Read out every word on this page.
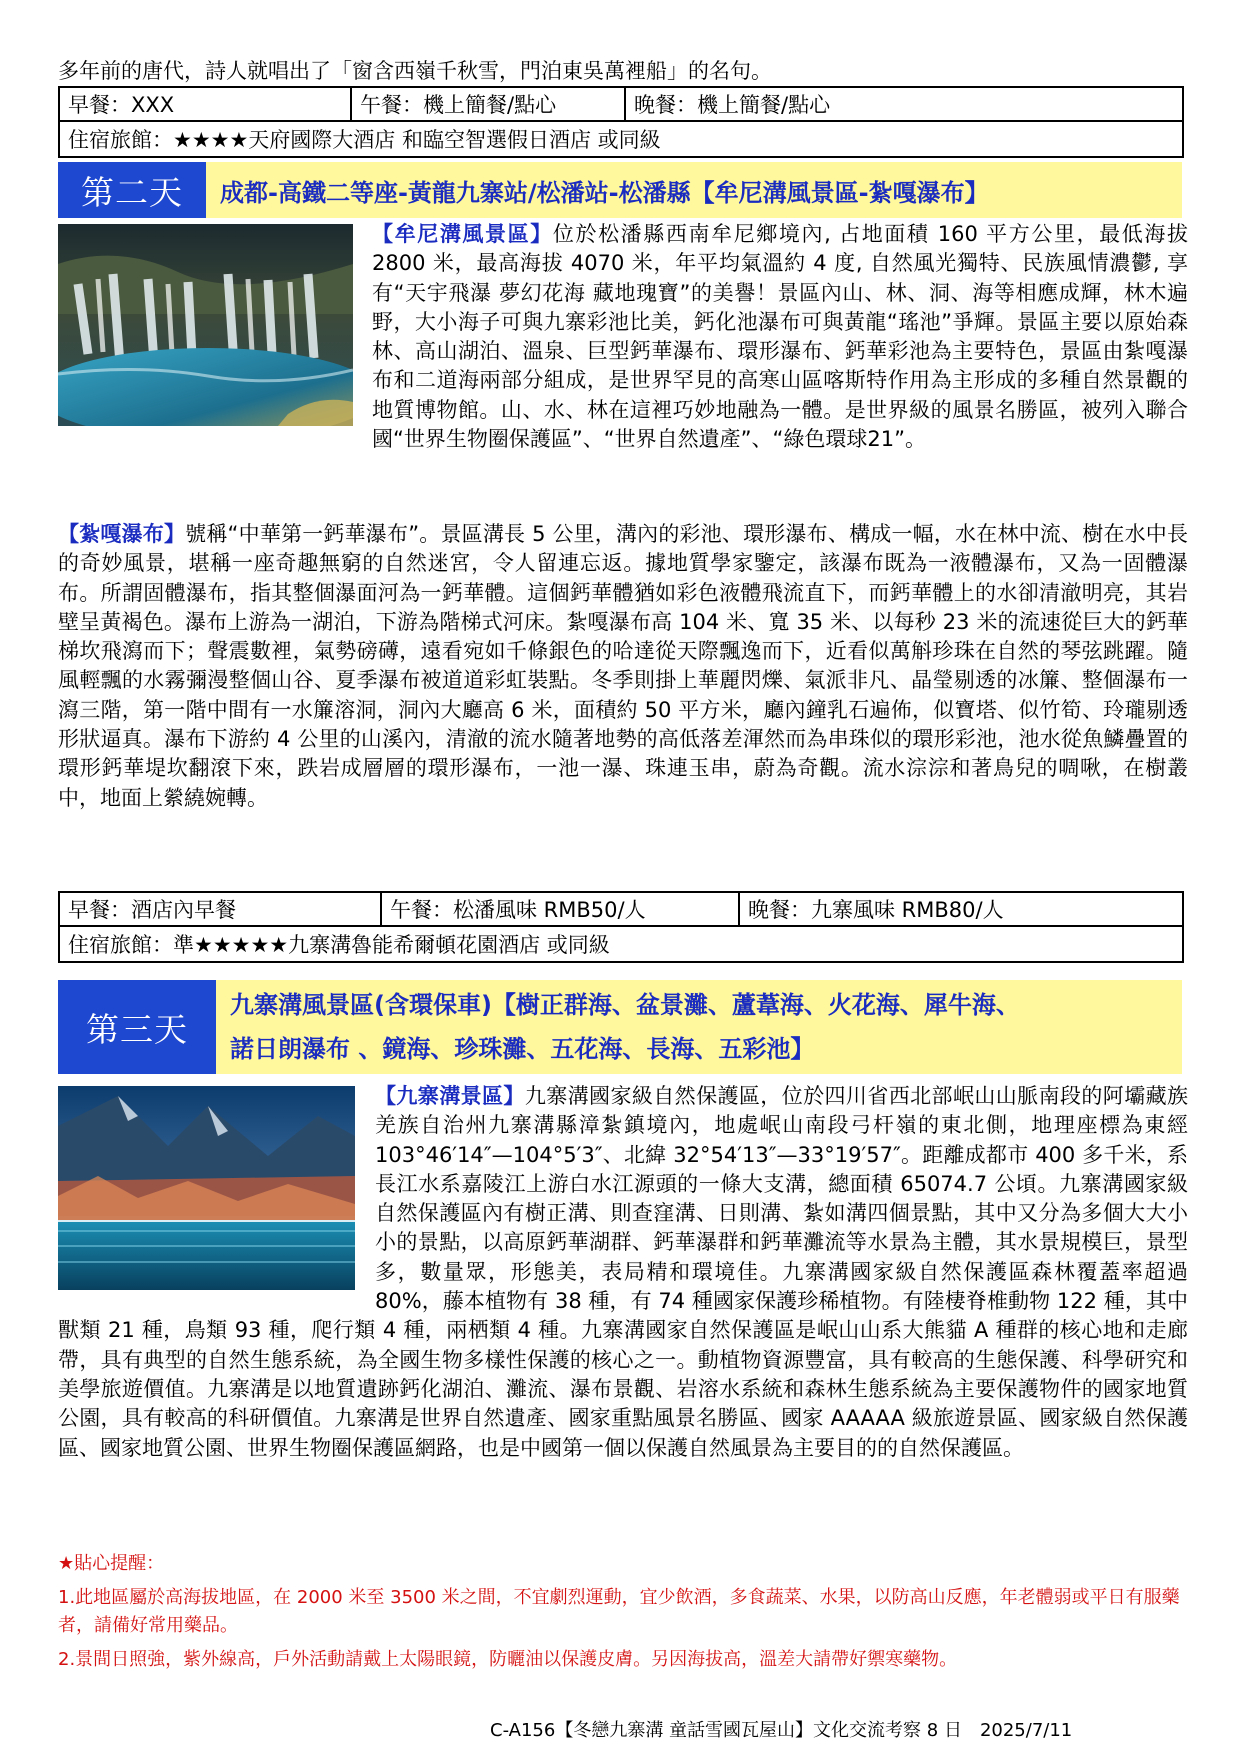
多年前的唐代，詩人就唱出了「窗含西嶺千秋雪，門泊東吳萬裡船」的名句。
早餐：XXX	午餐：機上簡餐/點心	晚餐：機上簡餐/點心
住宿旅館：★★★★天府國際大酒店 和臨空智選假日酒店 或同級
第二天	成都-高鐵二等座-黃龍九寨站/松潘站-松潘縣【牟尼溝風景區-紮嘎瀑布】
【牟尼溝風景區】位於松潘縣西南牟尼鄉境內, 占地面積 160 平方公里，最低海拔 2800 米，最高海拔 4070 米，年平均氣溫約 4 度, 自然風光獨特、民族風情濃鬱, 享有“天宇飛瀑 夢幻花海 藏地瑰寶”的美譽！景區內山、林、洞、海等相應成輝，林木遍野，大小海子可與九寨彩池比美，鈣化池瀑布可與黃龍“瑤池”爭輝。景區主要以原始森林、高山湖泊、溫泉、巨型鈣華瀑布、環形瀑布、鈣華彩池為主要特色，景區由紮嘎瀑布和二道海兩部分組成，是世界罕見的高寒山區喀斯特作用為主形成的多種自然景觀的地質博物館。山、水、林在這裡巧妙地融為一體。是世界級的風景名勝區，被列入聯合國“世界生物圈保護區”、“世界自然遺產”、“綠色環球21”。
【紮嘎瀑布】號稱“中華第一鈣華瀑布”。景區溝長 5 公里，溝內的彩池、環形瀑布、構成一幅，水在林中流、樹在水中長的奇妙風景，堪稱一座奇趣無窮的自然迷宮，令人留連忘返。據地質學家鑒定，該瀑布既為一液體瀑布，又為一固體瀑布。所謂固體瀑布，指其整個瀑面河為一鈣華體。這個鈣華體猶如彩色液體飛流直下，而鈣華體上的水卻清澈明亮，其岩壁呈黃褐色。瀑布上游為一湖泊，下游為階梯式河床。紮嘎瀑布高 104 米、寬 35 米、以每秒 23 米的流速從巨大的鈣華梯坎飛瀉而下；聲震數裡，氣勢磅礡，遠看宛如千條銀色的哈達從天際飄逸而下，近看似萬斛珍珠在自然的琴弦跳躍。隨風輕飄的水霧彌漫整個山谷、夏季瀑布被道道彩虹裝點。冬季則掛上華麗閃爍、氣派非凡、晶瑩剔透的冰簾、整個瀑布一瀉三階，第一階中間有一水簾溶洞，洞內大廳高 6 米，面積約 50 平方米，廳內鐘乳石遍佈，似寶塔、似竹筍、玲瓏剔透形狀逼真。瀑布下游約 4 公里的山溪內，清澈的流水隨著地勢的高低落差渾然而為串珠似的環形彩池，池水從魚鱗疊置的環形鈣華堤坎翻滾下來，跌岩成層層的環形瀑布，一池一瀑、珠連玉串，蔚為奇觀。流水淙淙和著鳥兒的啁啾，在樹叢中，地面上縈繞婉轉。
早餐：酒店內早餐	午餐：松潘風味 RMB50/人	晚餐：九寨風味 RMB80/人
住宿旅館：準★★★★★九寨溝魯能希爾頓花園酒店 或同級
第三天
九寨溝風景區(含環保車)【樹正群海、盆景灘、蘆葦海、火花海、犀牛海、
諾日朗瀑布 、鏡海、珍珠灘、五花海、長海、五彩池】
【九寨溝景區】九寨溝國家級自然保護區，位於四川省西北部岷山山脈南段的阿壩藏族羌族自治州九寨溝縣漳紮鎮境內，地處岷山南段弓杆嶺的東北側，地理座標為東經 103°46′14″—104°5′3″、北緯 32°54′13″—33°19′57″。距離成都市 400 多千米，系長江水系嘉陵江上游白水江源頭的一條大支溝，總面積 65074.7 公頃。九寨溝國家級自然保護區內有樹正溝、則查窪溝、日則溝、紮如溝四個景點，其中又分為多個大大小小的景點，以高原鈣華湖群、鈣華瀑群和鈣華灘流等水景為主體，其水景規模巨，景型多，數量眾，形態美，表局精和環境佳。九寨溝國家級自然保護區森林覆蓋率超過 80%，藤本植物有 38 種，有 74 種國家保護珍稀植物。有陸棲脊椎動物 122 種，其中獸類 21 種，鳥類 93 種，爬行類 4 種，兩栖類 4 種。九寨溝國家自然保護區是岷山山系大熊貓 A 種群的核心地和走廊帶，具有典型的自然生態系統，為全國生物多樣性保護的核心之一。動植物資源豐富，具有較高的生態保護、科學研究和美學旅遊價值。九寨溝是以地質遺跡鈣化湖泊、灘流、瀑布景觀、岩溶水系統和森林生態系統為主要保護物件的國家地質公園，具有較高的科研價值。九寨溝是世界自然遺產、國家重點風景名勝區、國家 AAAAA 級旅遊景區、國家級自然保護區、國家地質公園、世界生物圈保護區網路，也是中國第一個以保護自然風景為主要目的的自然保護區。
★貼心提醒：
1.此地區屬於高海拔地區，在 2000 米至 3500 米之間，不宜劇烈運動，宜少飲酒，多食蔬菜、水果，以防高山反應，年老體弱或平日有服藥者，請備好常用藥品。
2.景間日照強，紫外線高，戶外活動請戴上太陽眼鏡，防曬油以保護皮膚。另因海拔高，溫差大請帶好禦寒藥物。
C-A156【冬戀九寨溝 童話雪國瓦屋山】文化交流考察 8 日　2025/7/11
